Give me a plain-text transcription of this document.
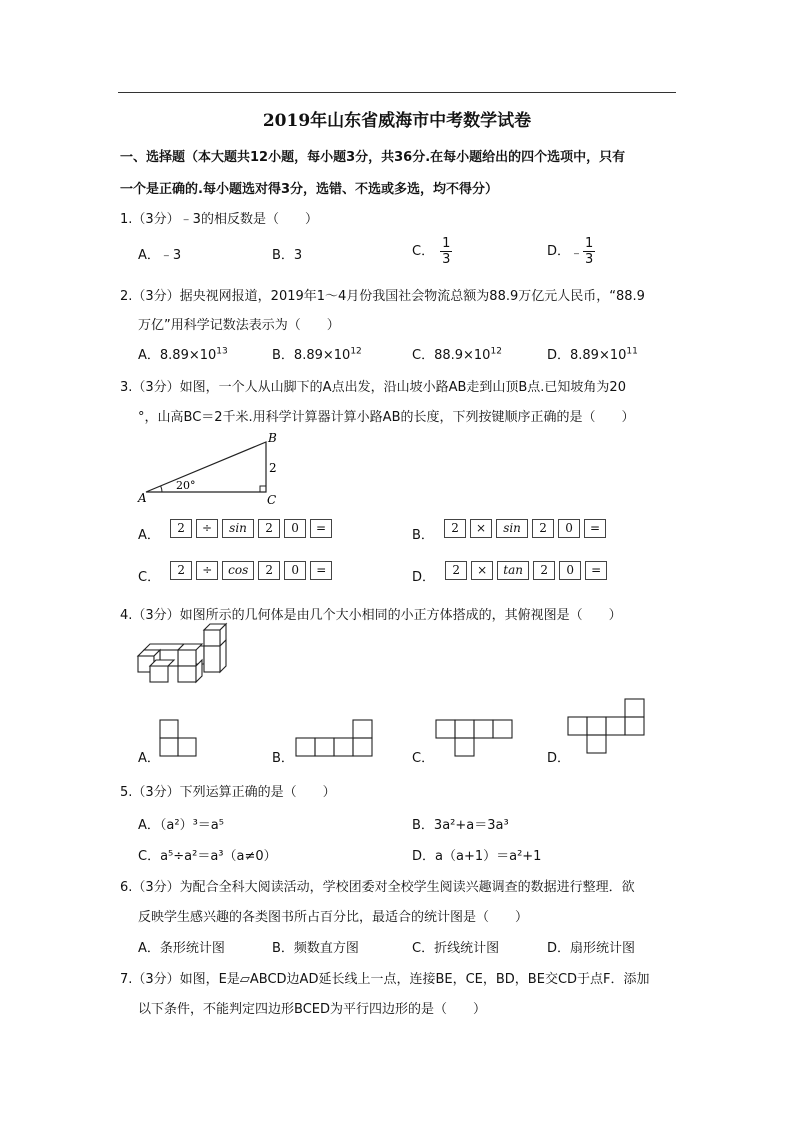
2019年山东省威海市中考数学试卷
一、选择题（本大题共12小题，每小题3分，共36分.在每小题给出的四个选项中，只有
一个是正确的.每小题选对得3分，选错、不选或多选，均不得分）
1.（3分）﹣3的相反数是（　　）
A．﹣3	B．3	C． $\frac{1}{3}$	D．﹣ $\frac{1}{3}$
2.（3分）据央视网报道，2019年1～4月份我国社会物流总额为88.9万亿元人民币，“88.9
万亿”用科学记数法表示为（　　）
A．$8.89\times 10^{13}$	B．$8.89\times 10^{12}$	C．$88.9\times 10^{12}$	D．$8.89\times 10^{11}$
3.（3分）如图，一个人从山脚下的A点出发，沿山坡小路AB走到山顶B点.已知坡角为20
°，山高BC＝2千米.用科学计算器计算小路AB的长度，下列按键顺序正确的是（　　）
A
B
C
20°
2
A．	2	÷	sin	2	0	=	B．	2	×	sin	2	0	=
C．	2	÷	cos	2	0	=	D．	2	×	tan	2	0	=
4.（3分）如图所示的几何体是由几个大小相同的小正方体搭成的，其俯视图是（　　）
A．	B．	C．	D．
5.（3分）下列运算正确的是（　　）
A．（a²）³＝a⁵	B．3a²+a＝3a³
C．a⁵÷a²＝a³（a≠0）	D．a（a+1）＝a²+1
6.（3分）为配合全科大阅读活动，学校团委对全校学生阅读兴趣调查的数据进行整理．欲
反映学生感兴趣的各类图书所占百分比，最适合的统计图是（　　）
A．条形统计图	B．频数直方图	C．折线统计图	D．扇形统计图
7.（3分）如图，E是▱ABCD边AD延长线上一点，连接BE，CE，BD，BE交CD于点F．添加
以下条件，不能判定四边形BCED为平行四边形的是（　　）
